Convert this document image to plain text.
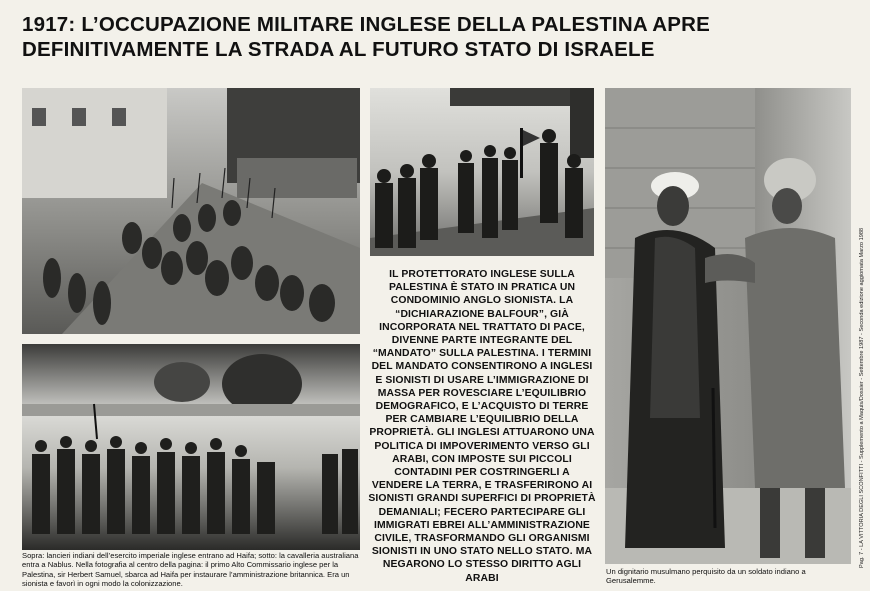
1917: L’OCCUPAZIONE MILITARE INGLESE DELLA PALESTINA APRE DEFINITIVAMENTE LA STRADA AL FUTURO STATO DI ISRAELE

IL PROTETTORATO INGLESE SULLA PALESTINA È STATO IN PRATICA UN CONDOMINIO ANGLO SIONISTA. LA “DICHIARAZIONE BALFOUR”, GIÀ INCORPORATA NEL TRATTATO DI PACE, DIVENNE PARTE INTEGRANTE DEL “MANDATO” SULLA PALESTINA. I TERMINI DEL MANDATO CONSENTIRONO A INGLESI E SIONISTI DI USARE L’IMMIGRAZIONE DI MASSA PER ROVESCIARE L’EQUILIBRIO DEMOGRAFICO, E L’ACQUISTO DI TERRE PER CAMBIARE L’EQUILIBRIO DELLA PROPRIETÀ. GLI INGLESI ATTUARONO UNA POLITICA DI IMPOVERIMENTO VERSO GLI ARABI, CON IMPOSTE SUI PICCOLI CONTADINI PER COSTRINGERLI A VENDERE LA TERRA, E TRASFERIRONO AI SIONISTI GRANDI SUPERFICI DI PROPRIETÀ DEMANIALI; FECERO PARTECIPARE GLI IMMIGRATI EBREI ALL’AMMINISTRAZIONE CIVILE, TRASFORMANDO GLI ORGANISMI SIONISTI IN UNO STATO NELLO STATO. MA NEGARONO LO STESSO DIRITTO AGLI ARABI

Sopra: lancieri indiani dell’esercito imperiale inglese entrano ad Haifa; sotto: la cavalleria australiana entra a Nablus. Nella fotografia al centro della pagina: il primo Alto Commissario inglese per la Palestina, sir Herbert Samuel, sbarca ad Haifa per instaurare l’amministrazione britannica. Era un sionista e favorì in ogni modo la colonizzazione.

Un dignitario musulmano perquisito da un soldato indiano a Gerusalemme.

Pag. 7 - LA VITTORIA DEGLI SCONFITTI - Supplemento a Maquis/Dossier - Settembre 1987 - Seconda edizione aggiornata Marzo 1988
